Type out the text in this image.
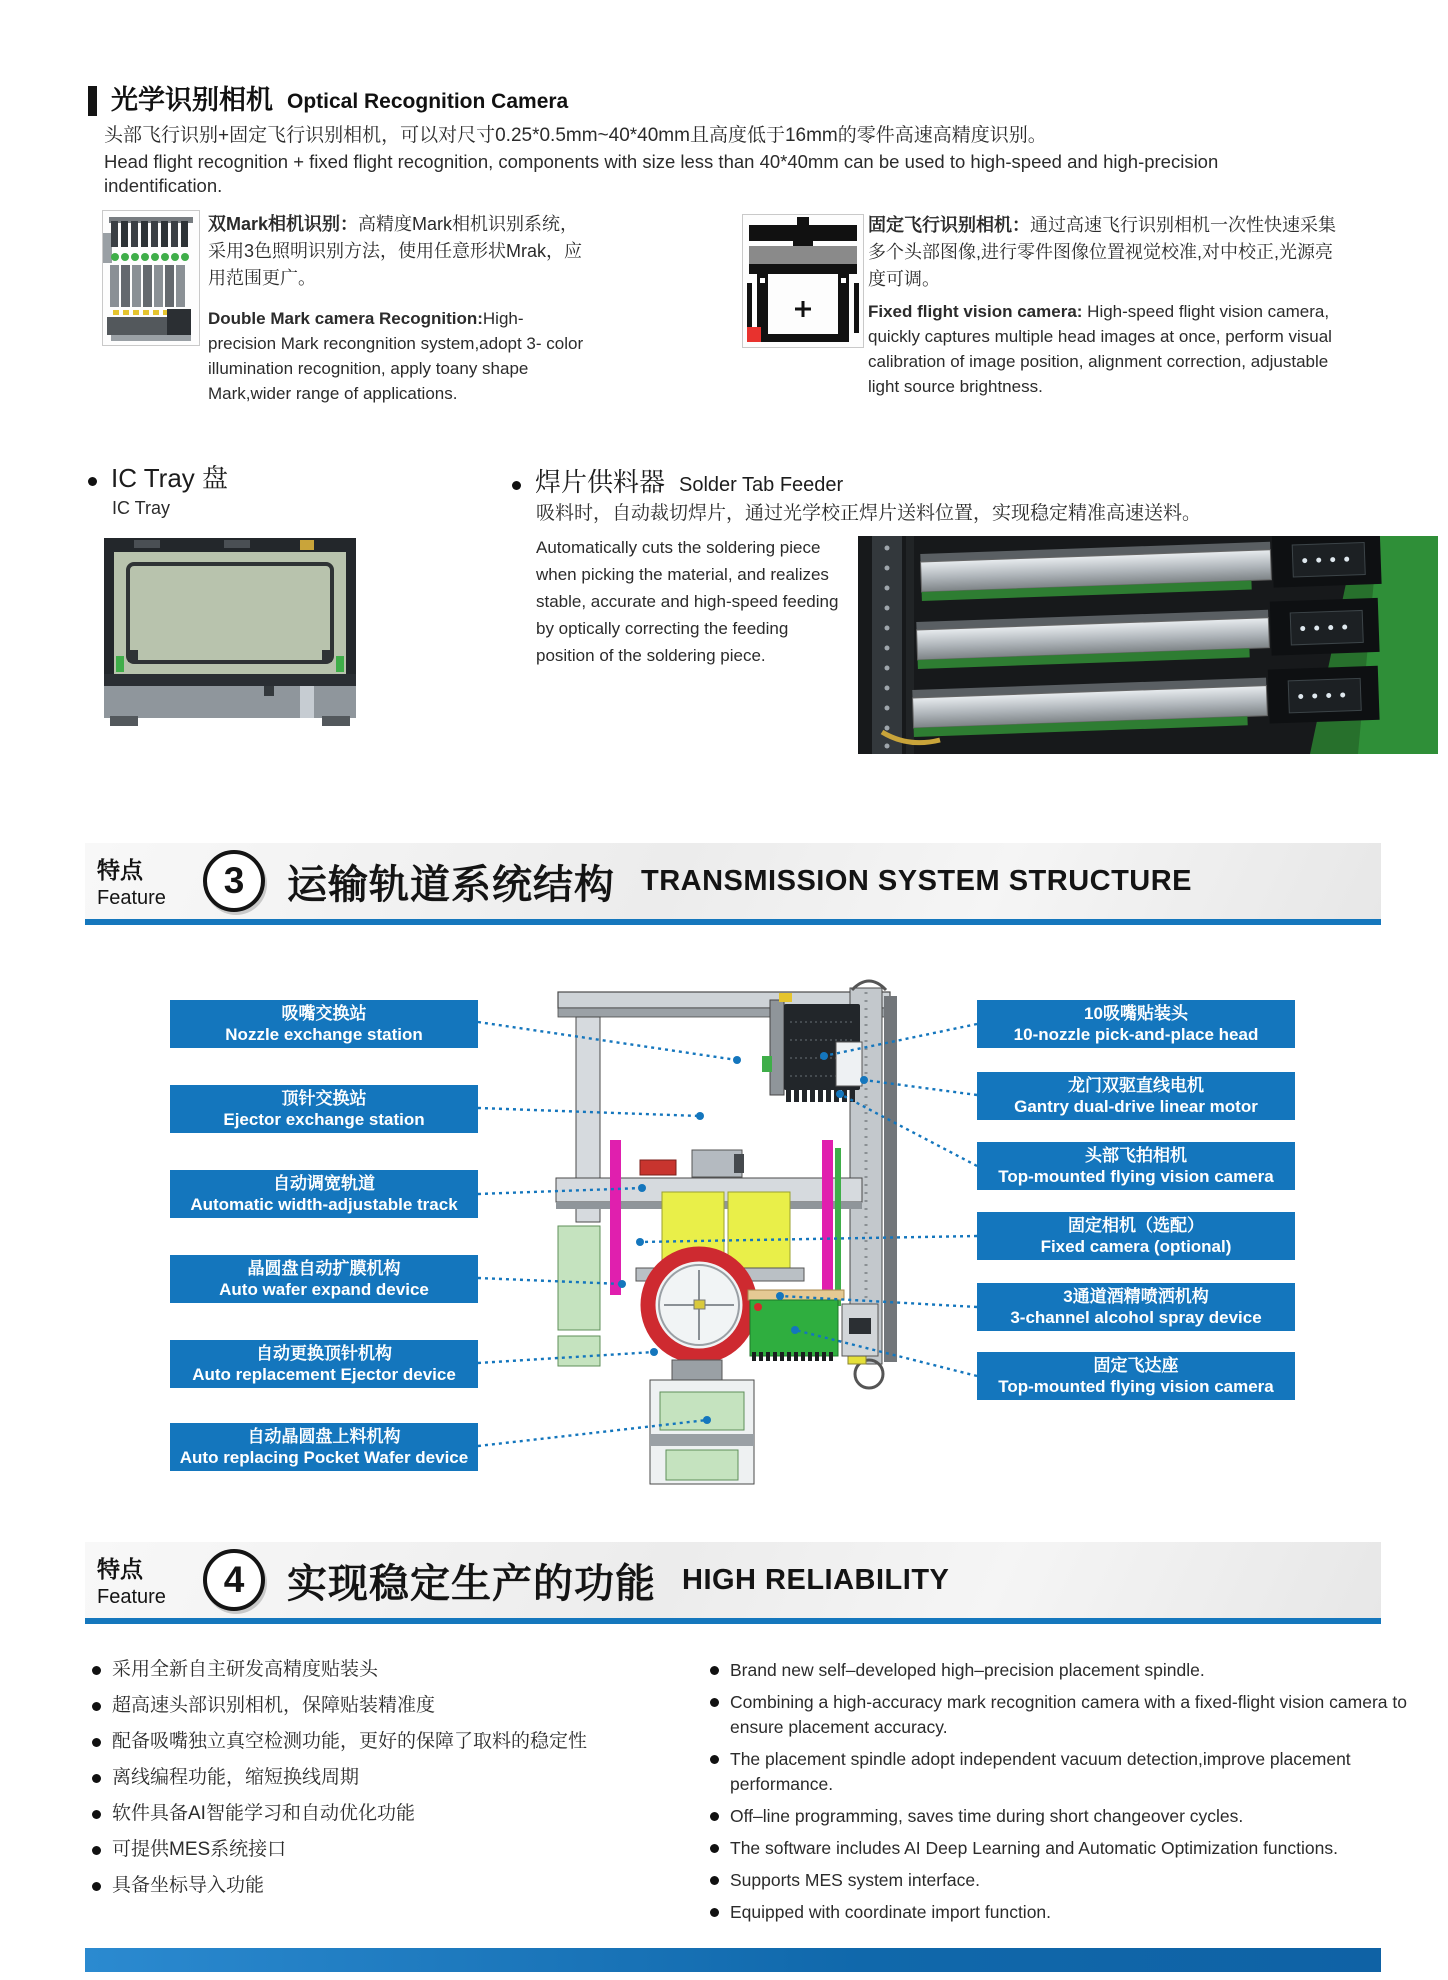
光学识别相机 Optical Recognition Camera
头部飞行识别+固定飞行识别相机，可以对尺寸0.25*0.5mm~40*40mm且高度低于16mm的零件高速高精度识别。
Head flight recognition + fixed flight recognition, components with size less than 40*40mm can be used to high-speed and high-precision indentification.

双Mark相机识别：高精度Mark相机识别系统，采用3色照明识别方法，使用任意形状Mrak，应用范围更广。

Double Mark camera Recognition:High-precision Mark recongnition system,adopt 3- color illumination recognition, apply toany shape Mark,wider range of applications.

固定飞行识别相机：通过高速飞行识别相机一次性快速采集多个头部图像,进行零件图像位置视觉校准,对中校正,光源亮度可调。

Fixed flight vision camera: High-speed flight vision camera, quickly captures multiple head images at once, perform visual calibration of image position, alignment correction, adjustable light source brightness.

IC Tray 盘
IC Tray
焊片供料器 Solder Tab Feeder
吸料时，自动裁切焊片，通过光学校正焊片送料位置，实现稳定精准高速送料。
Automatically cuts the soldering piece when picking the material, and realizes stable, accurate and high-speed feeding by optically correcting the feeding position of the soldering piece.
特点
Feature	3	运输轨道系统结构 TRANSMISSION SYSTEM STRUCTURE
吸嘴交换站
Nozzle exchange station
顶针交换站
Ejector exchange station
自动调宽轨道
Automatic width-adjustable track
晶圆盘自动扩膜机构
Auto wafer expand device
自动更换顶针机构
Auto replacement Ejector device
自动晶圆盘上料机构
Auto replacing Pocket Wafer device
10吸嘴贴装头
10-nozzle pick-and-place head
龙门双驱直线电机
Gantry dual-drive linear motor
头部飞拍相机
Top-mounted flying vision camera
固定相机（选配）
Fixed camera (optional)
3通道酒精喷洒机构
3-channel alcohol spray device
固定飞达座
Top-mounted flying vision camera
特点
Feature	4	实现稳定生产的功能 HIGH RELIABILITY
采用全新自主研发高精度贴装头
超高速头部识别相机，保障贴装精准度
配备吸嘴独立真空检测功能，更好的保障了取料的稳定性
离线编程功能，缩短换线周期
软件具备AI智能学习和自动优化功能
可提供MES系统接口
具备坐标导入功能
Brand new self–developed high–precision placement spindle.
Combining a high-accuracy mark recognition camera with a fixed-flight vision camera to ensure placement accuracy.
The placement spindle adopt independent vacuum detection,improve placement performance.
Off–line programming, saves time during short changeover cycles.
The software includes AI Deep Learning and Automatic Optimization functions.
Supports MES system interface.
Equipped with coordinate import function.
